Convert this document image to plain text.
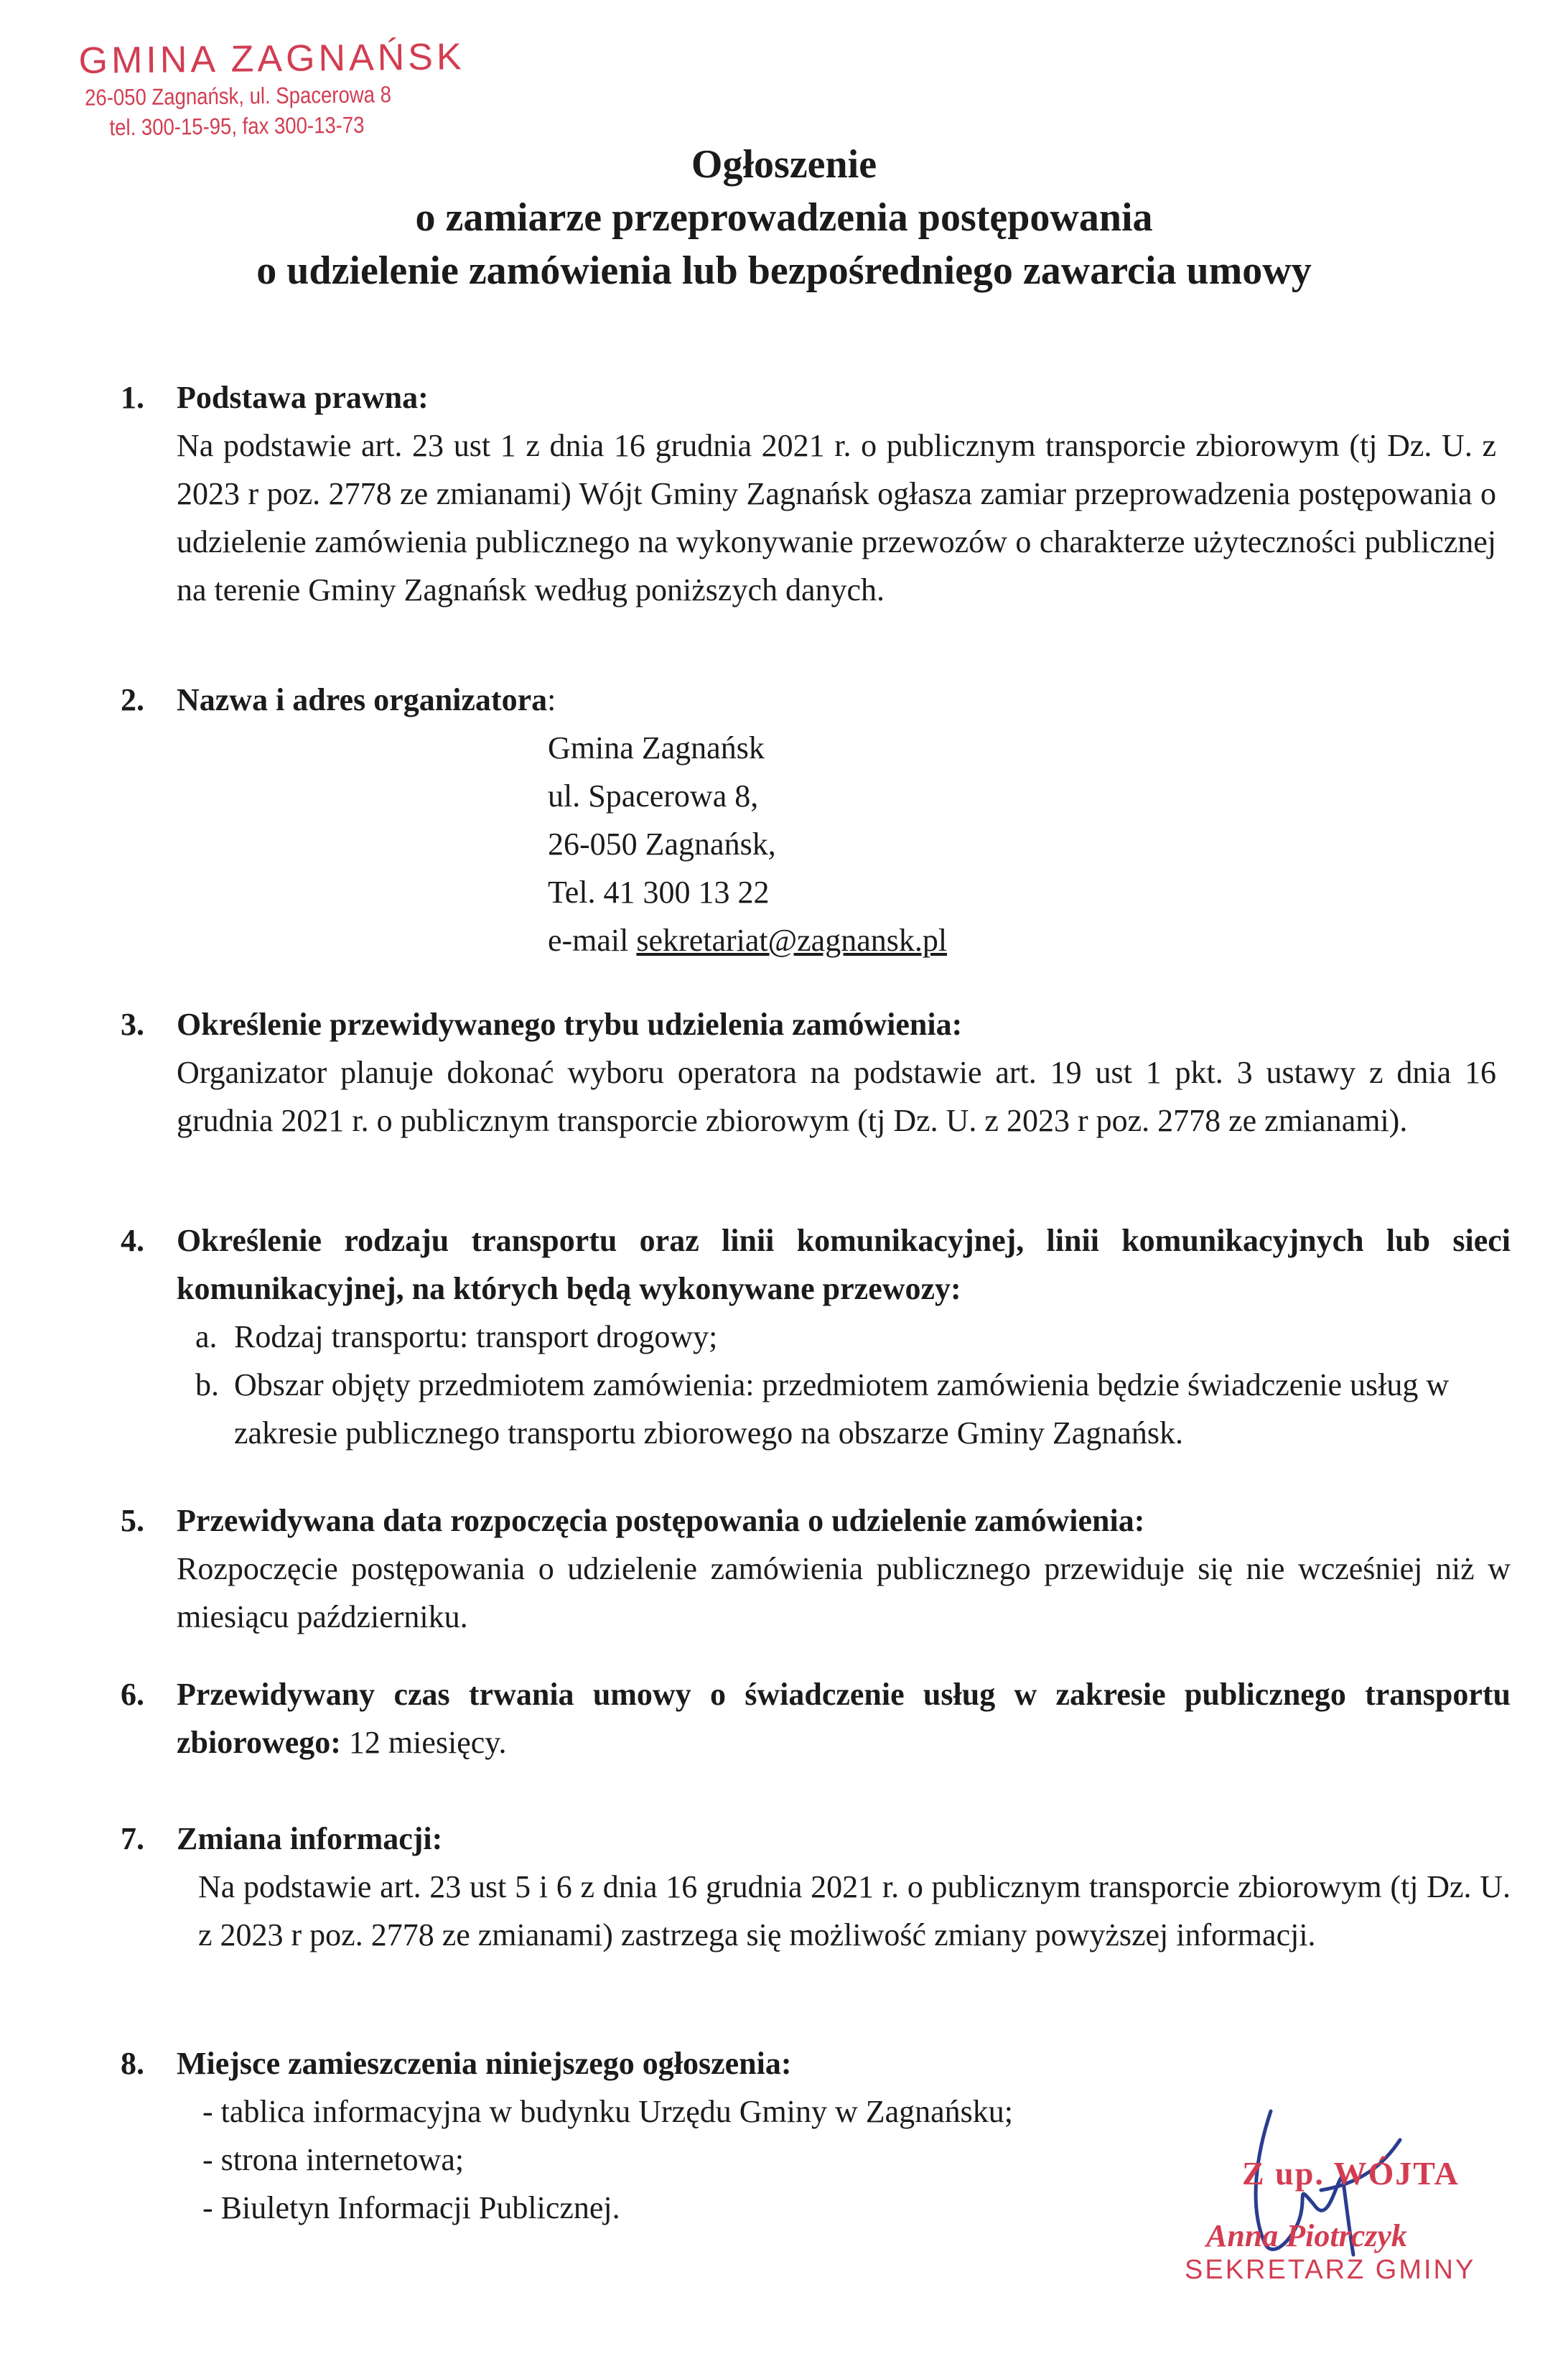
GMINA ZAGNAŃSK
26-050 Zagnańsk, ul. Spacerowa 8
tel. 300-15-95, fax 300-13-73
Ogłoszenie
o zamiarze przeprowadzenia postępowania
o udzielenie zamówienia lub bezpośredniego zawarcia umowy
1. Podstawa prawna:
Na podstawie art. 23 ust 1 z dnia 16 grudnia 2021 r. o publicznym transporcie zbiorowym (tj Dz. U. z 2023 r poz. 2778 ze zmianami) Wójt Gminy Zagnańsk ogłasza zamiar przeprowadzenia postępowania o udzielenie zamówienia publicznego na wykonywanie przewozów o charakterze użyteczności publicznej na terenie Gminy Zagnańsk według poniższych danych.
2. Nazwa i adres organizatora:
Gmina Zagnańsk
ul. Spacerowa 8,
26-050 Zagnańsk,
Tel. 41 300 13 22
e-mail sekretariat@zagnansk.pl
3. Określenie przewidywanego trybu udzielenia zamówienia:
Organizator planuje dokonać wyboru operatora na podstawie art. 19 ust 1 pkt. 3 ustawy z dnia 16 grudnia 2021 r. o publicznym transporcie zbiorowym (tj Dz. U. z 2023 r poz. 2778 ze zmianami).
4. Określenie rodzaju transportu oraz linii komunikacyjnej, linii komunikacyjnych lub sieci komunikacyjnej, na których będą wykonywane przewozy:
a. Rodzaj transportu: transport drogowy;
b. Obszar objęty przedmiotem zamówienia: przedmiotem zamówienia będzie świadczenie usług w zakresie publicznego transportu zbiorowego na obszarze Gminy Zagnańsk.
5. Przewidywana data rozpoczęcia postępowania o udzielenie zamówienia:
Rozpoczęcie postępowania o udzielenie zamówienia publicznego przewiduje się nie wcześniej niż w miesiącu październiku.
6. Przewidywany czas trwania umowy o świadczenie usług w zakresie publicznego transportu zbiorowego: 12 miesięcy.
7. Zmiana informacji:
Na podstawie art. 23 ust 5 i 6 z dnia 16 grudnia 2021 r. o publicznym transporcie zbiorowym (tj Dz. U. z 2023 r poz. 2778 ze zmianami) zastrzega się możliwość zmiany powyższej informacji.
8. Miejsce zamieszczenia niniejszego ogłoszenia:
- tablica informacyjna w budynku Urzędu Gminy w Zagnańsku;
- strona internetowa;
- Biuletyn Informacji Publicznej.
Z up. WÓJTA
Anna Piotrczyk
SEKRETARZ GMINY
